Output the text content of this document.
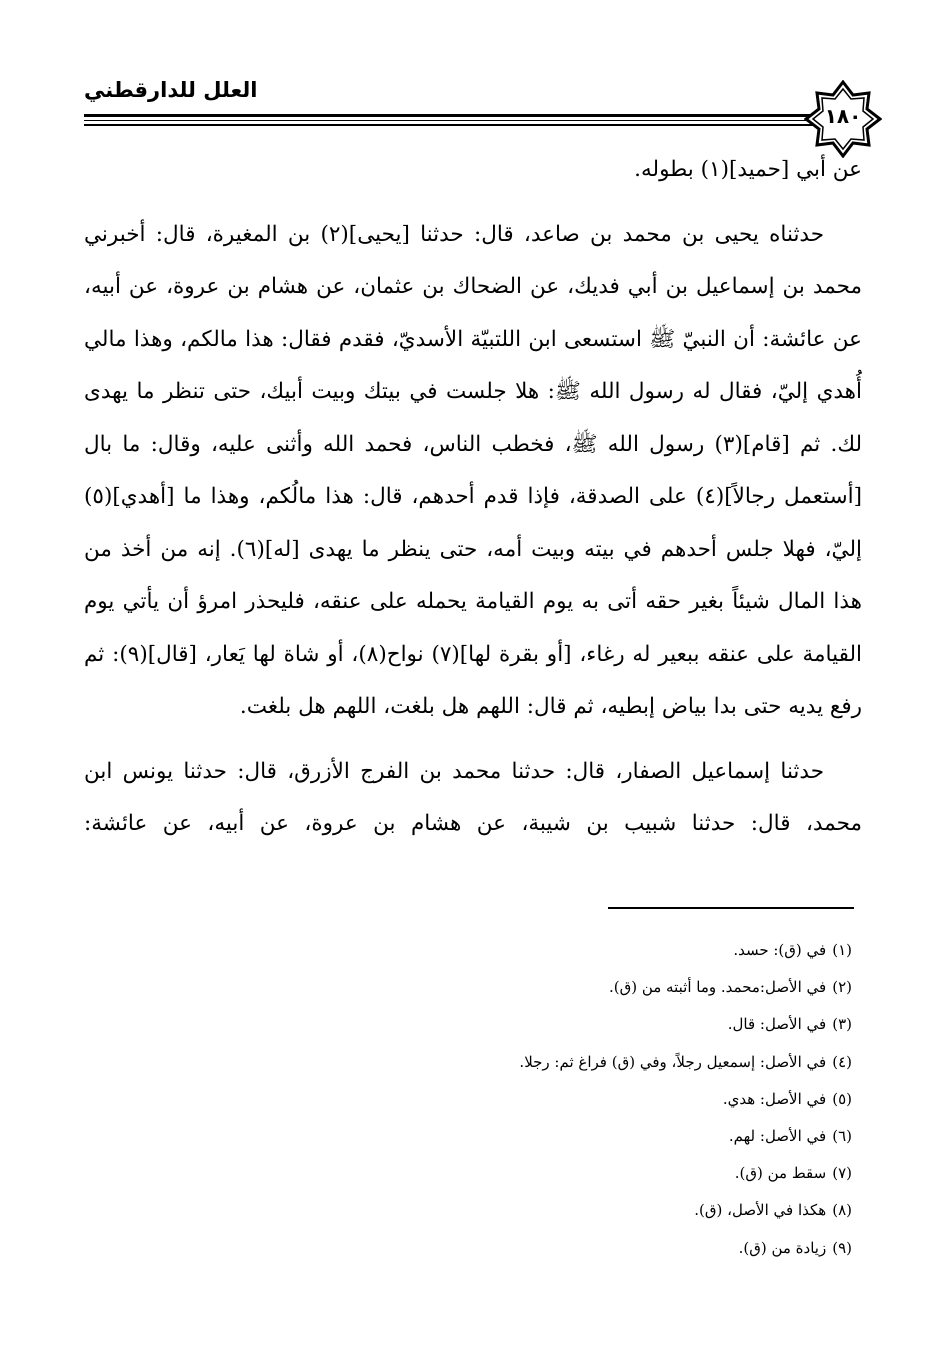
العلل للدارقطني
١٨٠

عن أبي [حميد](١) بطوله.

حدثناه يحيى بن محمد بن صاعد، قال: حدثنا [يحيى](٢) بن المغيرة، قال: أخبرني محمد بن إسماعيل بن أبي فديك، عن الضحاك بن عثمان، عن هشام بن عروة، عن أبيه، عن عائشة: أن النبيّ ﷺ استسعى ابن اللتبيّة الأسديّ، فقدم فقال: هذا مالكم، وهذا مالي أُهدي إليّ، فقال له رسول الله ﷺ: هلا جلست في بيتك وبيت أبيك، حتى تنظر ما يهدى لك. ثم [قام](٣) رسول الله ﷺ، فخطب الناس، فحمد الله وأثنى عليه، وقال: ما بال [أستعمل رجالاً](٤) على الصدقة، فإذا قدم أحدهم، قال: هذا مالُكم، وهذا ما [أهدي](٥) إليّ، فهلا جلس أحدهم في بيته وبيت أمه، حتى ينظر ما يهدى [له](٦). إنه من أخذ من هذا المال شيئاً بغير حقه أتى به يوم القيامة يحمله على عنقه، فليحذر امرؤ أن يأتي يوم القيامة على عنقه ببعير له رغاء، [أو بقرة لها](٧) نواح(٨)، أو شاة لها يَعار، [قال](٩): ثم رفع يديه حتى بدا بياض إبطيه، ثم قال: اللهم هل بلغت، اللهم هل بلغت.

حدثنا إسماعيل الصفار، قال: حدثنا محمد بن الفرج الأزرق، قال: حدثنا يونس ابن محمد، قال: حدثنا شبيب بن شيبة، عن هشام بن عروة، عن أبيه، عن عائشة:

(١)في (ق): حسد.
(٢)في الأصل:محمد. وما أثبته من (ق).
(٣)في الأصل: قال.
(٤)في الأصل: إسمعيل رجلاً، وفي (ق) فراغ ثم: رجلا.
(٥)في الأصل: هدي.
(٦)في الأصل: لهم.
(٧)سقط من (ق).
(٨)هكذا في الأصل، (ق).
(٩)زيادة من (ق).
